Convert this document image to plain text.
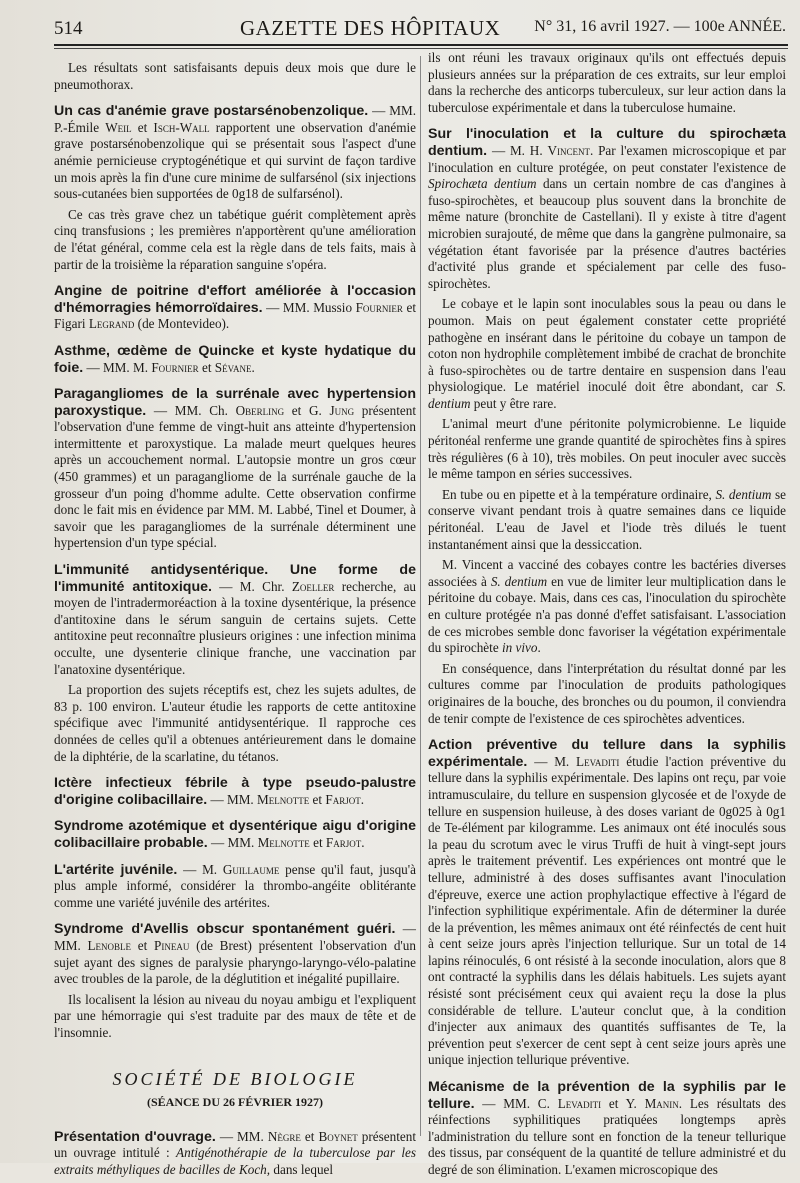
514	GAZETTE DES HÔPITAUX N° 31, 16 avril 1927. — 100e ANNÉE.

Les résultats sont satisfaisants depuis deux mois que dure le pneumothorax.

Un cas d'anémie grave postarsénobenzolique. — MM. P.-Émile Weil et Isch-Wall rapportent une observation d'anémie grave postarsénobenzolique qui se présentait sous l'aspect d'une anémie pernicieuse cryptogénétique et qui survint de façon tardive un mois après la fin d'une cure minime de sulfarsénol (six injections sous-cutanées bien supportées de 0g18 de sulfarsénol).

Ce cas très grave chez un tabétique guérit complètement après cinq transfusions ; les premières n'apportèrent qu'une amélioration de l'état général, comme cela est la règle dans de tels faits, mais à partir de la troisième la réparation sanguine s'opéra.

Angine de poitrine d'effort améliorée à l'occasion d'hémorragies hémorroïdaires. — MM. Mussio Fournier et Figari Legrand (de Montevideo).

Asthme, œdème de Quincke et kyste hydatique du foie. — MM. M. Fournier et Sévane.

Paragangliomes de la surrénale avec hypertension paroxystique. — MM. Ch. Oberling et G. Jung présentent l'observation d'une femme de vingt-huit ans atteinte d'hypertension intermittente et paroxystique. La malade meurt quelques heures après un accouchement normal. L'autopsie montre un gros cœur (450 grammes) et un paragangliome de la surrénale gauche de la grosseur d'un poing d'homme adulte. Cette observation confirme donc le fait mis en évidence par MM. M. Labbé, Tinel et Doumer, à savoir que les paragangliomes de la surrénale déterminent une hypertension d'un type spécial.

L'immunité antidysentérique. Une forme de l'immunité antitoxique. — M. Chr. Zoeller recherche, au moyen de l'intradermoréaction à la toxine dysentérique, la présence d'antitoxine dans le sérum sanguin de certains sujets. Cette antitoxine peut reconnaître plusieurs origines : une infection minima occulte, une dysenterie clinique franche, une vaccination par l'anatoxine dysentérique.

La proportion des sujets réceptifs est, chez les sujets adultes, de 83 p. 100 environ. L'auteur étudie les rapports de cette antitoxine spécifique avec l'immunité antidysentérique. Il rapproche ces données de celles qu'il a obtenues antérieurement dans le domaine de la diphtérie, de la scarlatine, du tétanos.

Ictère infectieux fébrile à type pseudo-palustre d'origine colibacillaire. — MM. Melnotte et Farjot.

Syndrome azotémique et dysentérique aigu d'origine colibacillaire probable. — MM. Melnotte et Farjot.

L'artérite juvénile. — M. Guillaume pense qu'il faut, jusqu'à plus ample informé, considérer la thrombo-angéite oblitérante comme une variété juvénile des artérites.

Syndrome d'Avellis obscur spontanément guéri. — MM. Lenoble et Pineau (de Brest) présentent l'observation d'un sujet ayant des signes de paralysie pharyngo-laryngo-vélo-palatine avec troubles de la parole, de la déglutition et inégalité pupillaire.

Ils localisent la lésion au niveau du noyau ambigu et l'expliquent par une hémorragie qui s'est traduite par des maux de tête et de l'insomnie.

SOCIÉTÉ DE BIOLOGIE
(SÉANCE DU 26 FÉVRIER 1927)

Présentation d'ouvrage. — MM. Nègre et Boynet présentent un ouvrage intitulé : Antigénothérapie de la tuberculose par les extraits méthyliques de bacilles de Koch, dans lequel

ils ont réuni les travaux originaux qu'ils ont effectués depuis plusieurs années sur la préparation de ces extraits, sur leur emploi dans la recherche des anticorps tuberculeux, sur leur action dans la tuberculose expérimentale et dans la tuberculose humaine.

Sur l'inoculation et la culture du spirochæta dentium. — M. H. Vincent. Par l'examen microscopique et par l'inoculation en culture protégée, on peut constater l'existence de Spirochæta dentium dans un certain nombre de cas d'angines à fuso-spirochètes, et beaucoup plus souvent dans la bronchite de même nature (bronchite de Castellani). Il y existe à titre d'agent microbien surajouté, de même que dans la gangrène pulmonaire, sa végétation étant favorisée par la présence d'autres bactéries d'activité plus grande et spécialement par celle des fuso-spirochètes.

Le cobaye et le lapin sont inoculables sous la peau ou dans le poumon. Mais on peut également constater cette propriété pathogène en insérant dans le péritoine du cobaye un tampon de coton non hydrophile complètement imbibé de crachat de bronchite à fuso-spirochètes ou de tartre dentaire en suspension dans l'eau physiologique. Le matériel inoculé doit être abondant, car S. dentium peut y être rare.

L'animal meurt d'une péritonite polymicrobienne. Le liquide péritonéal renferme une grande quantité de spirochètes fins à spires très régulières (6 à 10), très mobiles. On peut inoculer avec succès le même tampon en séries successives.

En tube ou en pipette et à la température ordinaire, S. dentium se conserve vivant pendant trois à quatre semaines dans ce liquide péritonéal. L'eau de Javel et l'iode très dilués le tuent instantanément ainsi que la dessiccation.

M. Vincent a vacciné des cobayes contre les bactéries diverses associées à S. dentium en vue de limiter leur multiplication dans le péritoine du cobaye. Mais, dans ces cas, l'inoculation du spirochète en culture protégée n'a pas donné d'effet satisfaisant. L'association de ces microbes semble donc favoriser la végétation expérimentale du spirochète in vivo.

En conséquence, dans l'interprétation du résultat donné par les cultures comme par l'inoculation de produits pathologiques originaires de la bouche, des bronches ou du poumon, il conviendra de tenir compte de l'existence de ces spirochètes adventices.

Action préventive du tellure dans la syphilis expérimentale. — M. Levaditi étudie l'action préventive du tellure dans la syphilis expérimentale. Des lapins ont reçu, par voie intramusculaire, du tellure en suspension glycosée et de l'oxyde de tellure en suspension huileuse, à des doses variant de 0g025 à 0g1 de Te-élément par kilogramme. Les animaux ont été inoculés sous la peau du scrotum avec le virus Truffi de huit à vingt-sept jours après le traitement préventif. Les expériences ont montré que le tellure, administré à des doses suffisantes avant l'inoculation d'épreuve, exerce une action prophylactique effective à l'égard de l'infection syphilitique expérimentale. Afin de déterminer la durée de la prévention, les mêmes animaux ont été réinfectés de cent huit à cent seize jours après l'injection tellurique. Sur un total de 14 lapins réinoculés, 6 ont résisté à la seconde inoculation, alors que 8 ont contracté la syphilis dans les délais habituels. Les sujets ayant résisté sont précisément ceux qui avaient reçu la dose la plus considérable de tellure. L'auteur conclut que, à la condition d'injecter aux animaux des quantités suffisantes de Te, la prévention peut s'exercer de cent sept à cent seize jours après une unique injection tellurique préventive.

Mécanisme de la prévention de la syphilis par le tellure. — MM. C. Levaditi et Y. Manin. Les résultats des réinfections syphilitiques pratiquées longtemps après l'administration du tellure sont en fonction de la teneur tellurique des tissus, par conséquent de la quantité de tellure administré et du degré de son élimination. L'examen microscopique des
